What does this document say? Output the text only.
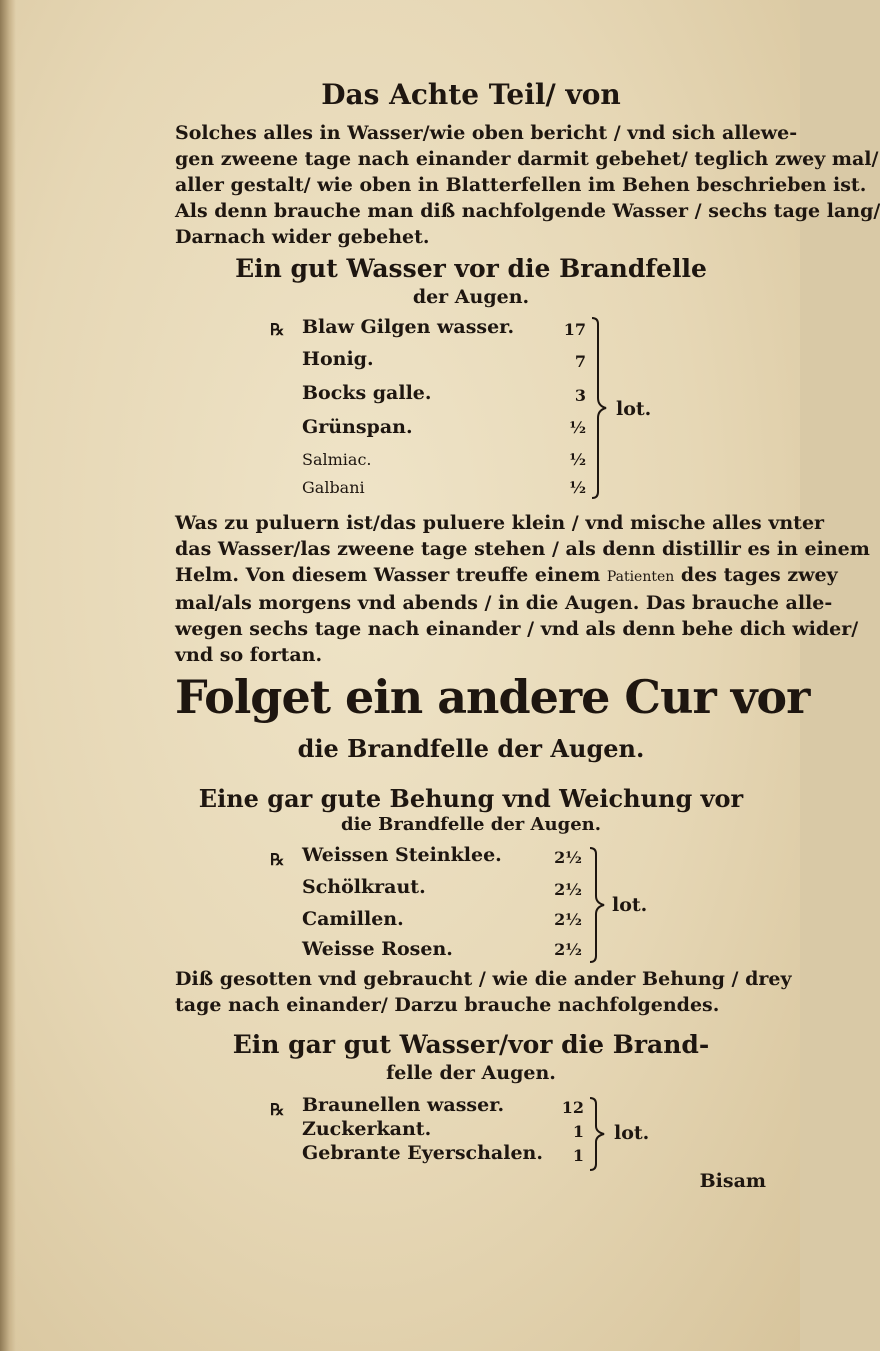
Das Achte Teil/ von
Solches alles in Wasser/wie oben bericht / vnd sich allewe-
gen zweene tage nach einander darmit gebehet/ teglich zwey mal/
aller gestalt/ wie oben in Blatterfellen im Behen beschrieben ist.
Als denn brauche man diß nachfolgende Wasser / sechs tage lang/
Darnach wider gebehet.
Ein gut Wasser vor die Brandfelle
der Augen.
℞ Blaw Gilgen wasser.
Honig.
Bocks galle.
Grünspan.
Salmiac.
Galbani
17
7
3
½
½
½
lot.
Was zu puluern ist/das puluere klein / vnd mische alles vnter
das Wasser/las zweene tage stehen / als denn distillir es in einem
Helm. Von diesem Wasser treuffe einem Patienten des tages zwey
mal/als morgens vnd abends / in die Augen. Das brauche alle-
wegen sechs tage nach einander / vnd als denn behe dich wider/
vnd so fortan.
Folget ein andere Cur vor
die Brandfelle der Augen.
Eine gar gute Behung vnd Weichung vor
die Brandfelle der Augen.
℞ Weissen Steinklee.
Schölkraut.
Camillen.
Weisse Rosen.
2½
2½
2½
2½
lot.
Diß gesotten vnd gebraucht / wie die ander Behung / drey
tage nach einander/ Darzu brauche nachfolgendes.
Ein gar gut Wasser/vor die Brand-
felle der Augen.
℞ Braunellen wasser.
Zuckerkant.
Gebrante Eyerschalen.
12
1
1
lot.
Bisam
